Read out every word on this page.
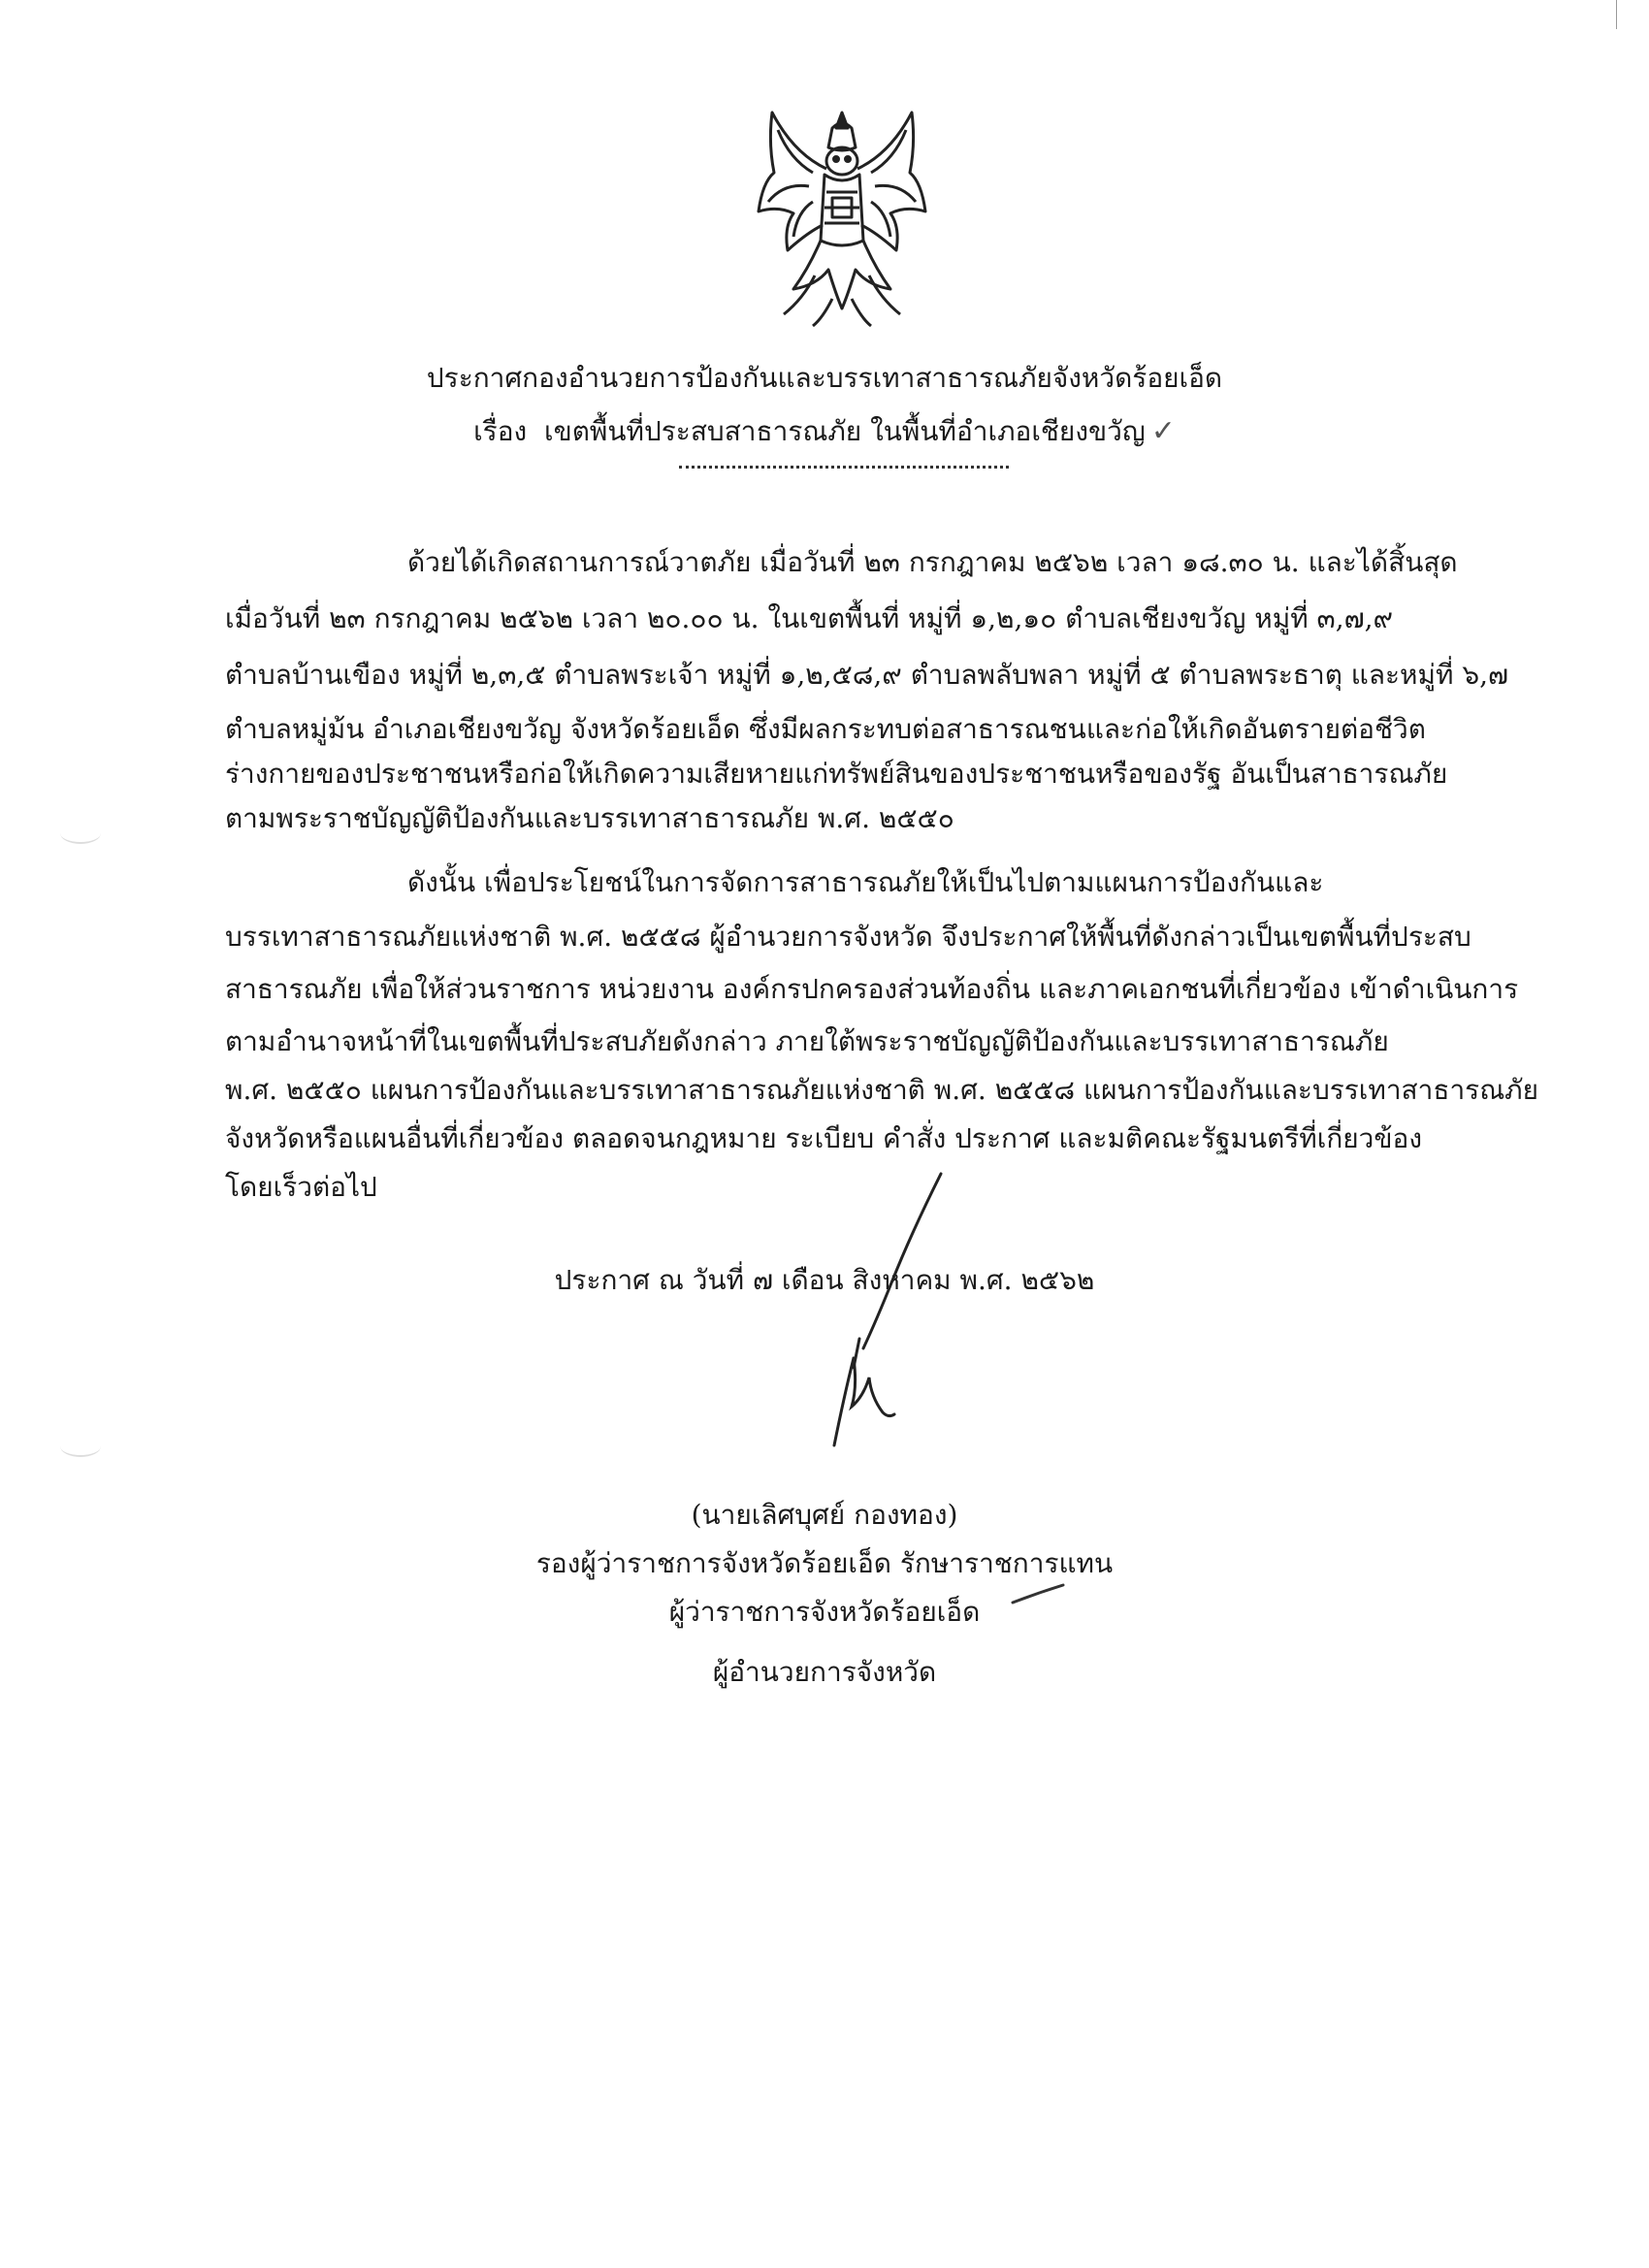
ประกาศกองอำนวยการป้องกันและบรรเทาสาธารณภัยจังหวัดร้อยเอ็ด
เรื่อง เขตพื้นที่ประสบสาธารณภัย ในพื้นที่อำเภอเชียงขวัญ ✓
ด้วยได้เกิดสถานการณ์วาตภัย เมื่อวันที่ ๒๓ กรกฎาคม ๒๕๖๒ เวลา ๑๘.๓๐ น. และได้สิ้นสุด
เมื่อวันที่ ๒๓ กรกฎาคม ๒๕๖๒ เวลา ๒๐.๐๐ น. ในเขตพื้นที่ หมู่ที่ ๑,๒,๑๐ ตำบลเชียงขวัญ หมู่ที่ ๓,๗,๙
ตำบลบ้านเขือง หมู่ที่ ๒,๓,๕ ตำบลพระเจ้า หมู่ที่ ๑,๒,๕๘,๙ ตำบลพลับพลา หมู่ที่ ๕ ตำบลพระธาตุ และหมู่ที่ ๖,๗
ตำบลหมู่ม้น อำเภอเชียงขวัญ จังหวัดร้อยเอ็ด ซึ่งมีผลกระทบต่อสาธารณชนและก่อให้เกิดอันตรายต่อชีวิต
ร่างกายของประชาชนหรือก่อให้เกิดความเสียหายแก่ทรัพย์สินของประชาชนหรือของรัฐ อันเป็นสาธารณภัย
ตามพระราชบัญญัติป้องกันและบรรเทาสาธารณภัย พ.ศ. ๒๕๕๐
ดังนั้น เพื่อประโยชน์ในการจัดการสาธารณภัยให้เป็นไปตามแผนการป้องกันและ
บรรเทาสาธารณภัยแห่งชาติ พ.ศ. ๒๕๕๘ ผู้อำนวยการจังหวัด จึงประกาศให้พื้นที่ดังกล่าวเป็นเขตพื้นที่ประสบ
สาธารณภัย เพื่อให้ส่วนราชการ หน่วยงาน องค์กรปกครองส่วนท้องถิ่น และภาคเอกชนที่เกี่ยวข้อง เข้าดำเนินการ
ตามอำนาจหน้าที่ในเขตพื้นที่ประสบภัยดังกล่าว ภายใต้พระราชบัญญัติป้องกันและบรรเทาสาธารณภัย
พ.ศ. ๒๕๕๐ แผนการป้องกันและบรรเทาสาธารณภัยแห่งชาติ พ.ศ. ๒๕๕๘ แผนการป้องกันและบรรเทาสาธารณภัย
จังหวัดหรือแผนอื่นที่เกี่ยวข้อง ตลอดจนกฎหมาย ระเบียบ คำสั่ง ประกาศ และมติคณะรัฐมนตรีที่เกี่ยวข้อง
โดยเร็วต่อไป
ประกาศ ณ วันที่ ๗ เดือน สิงหาคม พ.ศ. ๒๕๖๒
(นายเลิศบุศย์ กองทอง)
รองผู้ว่าราชการจังหวัดร้อยเอ็ด รักษาราชการแทน
ผู้ว่าราชการจังหวัดร้อยเอ็ด
ผู้อำนวยการจังหวัด
